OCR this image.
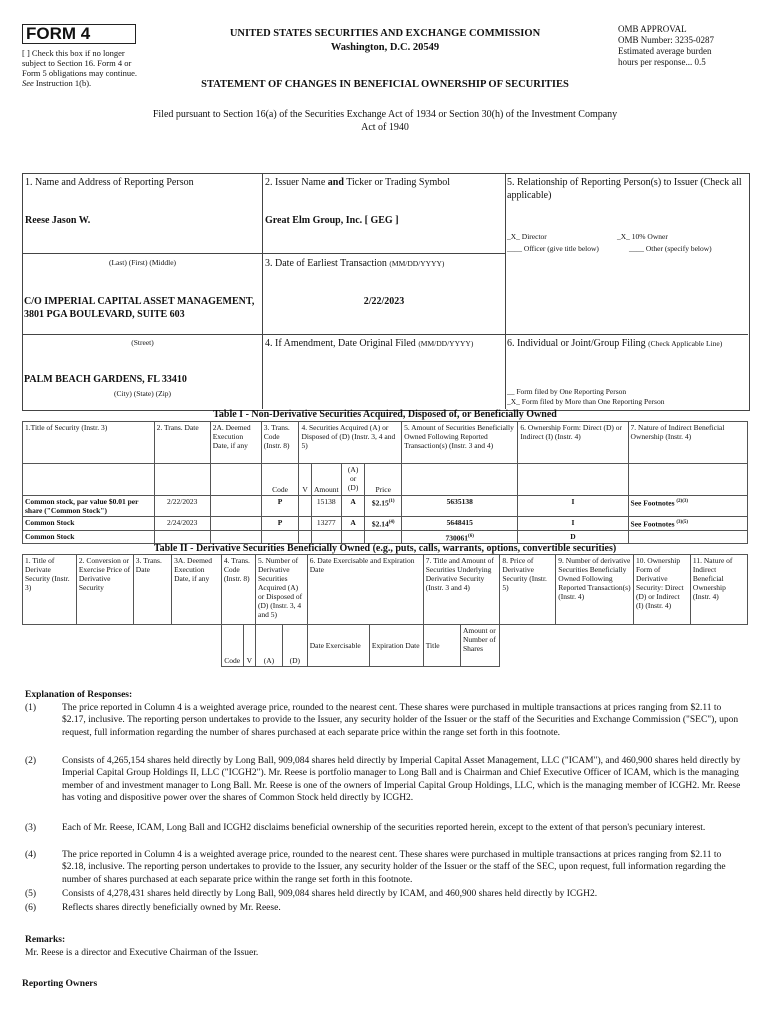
FORM 4
[ ] Check this box if no longer subject to Section 16. Form 4 or Form 5 obligations may continue. See Instruction 1(b).
UNITED STATES SECURITIES AND EXCHANGE COMMISSION
Washington, D.C. 20549
STATEMENT OF CHANGES IN BENEFICIAL OWNERSHIP OF SECURITIES
OMB APPROVAL
OMB Number: 3235-0287
Estimated average burden
hours per response... 0.5
Filed pursuant to Section 16(a) of the Securities Exchange Act of 1934 or Section 30(h) of the Investment Company Act of 1940
1. Name and Address of Reporting Person
Reese Jason W.
(Last) (First) (Middle)
C/O IMPERIAL CAPITAL ASSET MANAGEMENT, 3801 PGA BOULEVARD, SUITE 603
(Street)
PALM BEACH GARDENS, FL 33410
(City) (State) (Zip)
2. Issuer Name and Ticker or Trading Symbol
Great Elm Group, Inc. [ GEG ]
3. Date of Earliest Transaction (MM/DD/YYYY)
2/22/2023
4. If Amendment, Date Original Filed (MM/DD/YYYY)
5. Relationship of Reporting Person(s) to Issuer (Check all applicable)
_X_ Director	_X_ 10% Owner
____ Officer (give title below)	____ Other (specify below)
6. Individual or Joint/Group Filing (Check Applicable Line)
__ Form filed by One Reporting Person
_X_ Form filed by More than One Reporting Person
Table I - Non-Derivative Securities Acquired, Disposed of, or Beneficially Owned
1.Title of Security (Instr. 3)	2. Trans. Date	2A. Deemed Execution Date, if any	3. Trans. Code (Instr. 8)	4. Securities Acquired (A) or Disposed of (D) (Instr. 3, 4 and 5)				5. Amount of Securities Beneficially Owned Following Reported Transaction(s) (Instr. 3 and 4)	6. Ownership Form: Direct (D) or Indirect (I) (Instr. 4)	7. Nature of Indirect Beneficial Ownership (Instr. 4)
			Code	V	Amount	(A) or (D)	Price			
Common stock, par value $0.01 per share ("Common Stock")	2/22/2023		P		15138	A	$2.15$^{(1)}$	5635138	I	See Footnotes $^{(2)(3)}$
Common Stock	2/24/2023		P		13277	A	$2.14$^{(4)}$	5648415	I	See Footnotes $^{(3)(5)}$
Common Stock								730061$^{(6)}$	D	
Table II - Derivative Securities Beneficially Owned (e.g., puts, calls, warrants, options, convertible securities)
1. Title of Derivate Security (Instr. 3)	2. Conversion or Exercise Price of Derivative Security	3. Trans. Date	3A. Deemed Execution Date, if any	4. Trans. Code (Instr. 8)		5. Number of Derivative Securities Acquired (A) or Disposed of (D) (Instr. 3, 4 and 5)		6. Date Exercisable and Expiration Date		7. Title and Amount of Securities Underlying Derivative Security (Instr. 3 and 4)		8. Price of Derivative Security (Instr. 5)	9. Number of derivative Securities Beneficially Owned Following Reported Transaction(s) (Instr. 4)	10. Ownership Form of Derivative Security: Direct (D) or Indirect (I) (Instr. 4)	11. Nature of Indirect Beneficial Ownership (Instr. 4)
				Code	V	(A)	(D)	Date Exercisable	Expiration Date	Title	Amount or Number of Shares				
Explanation of Responses:
(1)	The price reported in Column 4 is a weighted average price, rounded to the nearest cent. These shares were purchased in multiple transactions at prices ranging from $2.11 to $2.17, inclusive. The reporting person undertakes to provide to the Issuer, any security holder of the Issuer or the staff of the Securities and Exchange Commission ("SEC"), upon request, full information regarding the number of shares purchased at each separate price within the range set forth in this footnote.
(2)	Consists of 4,265,154 shares held directly by Long Ball, 909,084 shares held directly by Imperial Capital Asset Management, LLC ("ICAM"), and 460,900 shares held directly by Imperial Capital Group Holdings II, LLC ("ICGH2"). Mr. Reese is portfolio manager to Long Ball and is Chairman and Chief Executive Officer of ICAM, which is the managing member of and investment manager to Long Ball. Mr. Reese is one of the owners of Imperial Capital Group Holdings, LLC, which is the managing member of ICGH2. Mr. Reese has voting and dispositive power over the shares of Common Stock held directly by ICGH2.
(3)	Each of Mr. Reese, ICAM, Long Ball and ICGH2 disclaims beneficial ownership of the securities reported herein, except to the extent of that person's pecuniary interest.
(4)	The price reported in Column 4 is a weighted average price, rounded to the nearest cent. These shares were purchased in multiple transactions at prices ranging from $2.11 to $2.18, inclusive. The reporting person undertakes to provide to the Issuer, any security holder of the Issuer or the staff of the SEC, upon request, full information regarding the number of shares purchased at each separate price within the range set forth in this footnote.
(5)	Consists of 4,278,431 shares held directly by Long Ball, 909,084 shares held directly by ICAM, and 460,900 shares held directly by ICGH2.
(6)	Reflects shares directly beneficially owned by Mr. Reese.
Remarks:
Mr. Reese is a director and Executive Chairman of the Issuer.
Reporting Owners
